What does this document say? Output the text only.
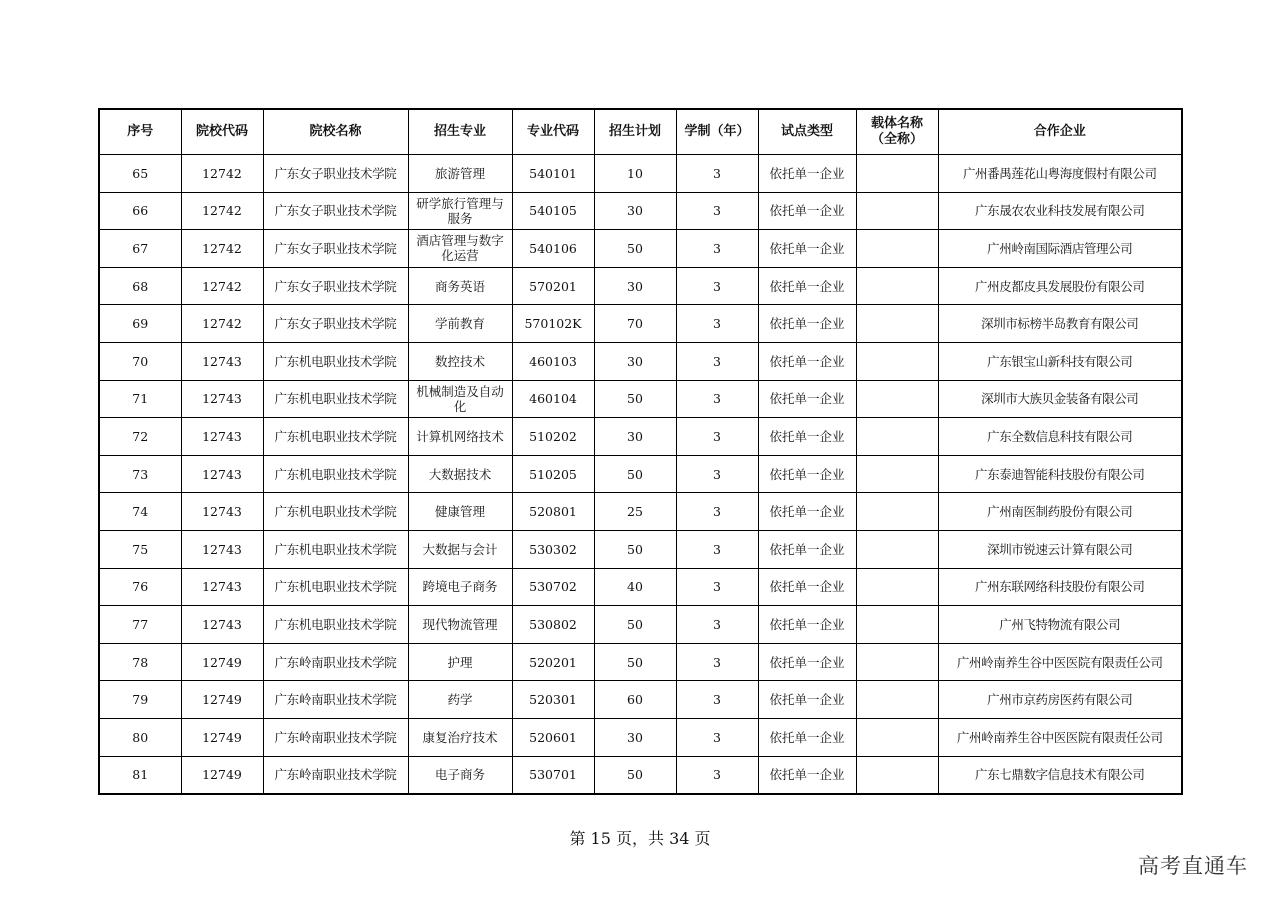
序号	院校代码	院校名称	招生专业	专业代码	招生计划	学制（年）	试点类型	载体名称（全称）	合作企业
65	12742	广东女子职业技术学院	旅游管理	540101	10	3	依托单一企业		广州番禺莲花山粤海度假村有限公司
66	12742	广东女子职业技术学院	研学旅行管理与服务	540105	30	3	依托单一企业		广东晟农农业科技发展有限公司
67	12742	广东女子职业技术学院	酒店管理与数字化运营	540106	50	3	依托单一企业		广州岭南国际酒店管理公司
68	12742	广东女子职业技术学院	商务英语	570201	30	3	依托单一企业		广州皮都皮具发展股份有限公司
69	12742	广东女子职业技术学院	学前教育	570102K	70	3	依托单一企业		深圳市标榜半岛教育有限公司
70	12743	广东机电职业技术学院	数控技术	460103	30	3	依托单一企业		广东银宝山新科技有限公司
71	12743	广东机电职业技术学院	机械制造及自动化	460104	50	3	依托单一企业		深圳市大族贝金装备有限公司
72	12743	广东机电职业技术学院	计算机网络技术	510202	30	3	依托单一企业		广东全数信息科技有限公司
73	12743	广东机电职业技术学院	大数据技术	510205	50	3	依托单一企业		广东泰迪智能科技股份有限公司
74	12743	广东机电职业技术学院	健康管理	520801	25	3	依托单一企业		广州南医制药股份有限公司
75	12743	广东机电职业技术学院	大数据与会计	530302	50	3	依托单一企业		深圳市锐速云计算有限公司
76	12743	广东机电职业技术学院	跨境电子商务	530702	40	3	依托单一企业		广州东联网络科技股份有限公司
77	12743	广东机电职业技术学院	现代物流管理	530802	50	3	依托单一企业		广州飞特物流有限公司
78	12749	广东岭南职业技术学院	护理	520201	50	3	依托单一企业		广州岭南养生谷中医医院有限责任公司
79	12749	广东岭南职业技术学院	药学	520301	60	3	依托单一企业		广州市京药房医药有限公司
80	12749	广东岭南职业技术学院	康复治疗技术	520601	30	3	依托单一企业		广州岭南养生谷中医医院有限责任公司
81	12749	广东岭南职业技术学院	电子商务	530701	50	3	依托单一企业		广东七鼎数字信息技术有限公司
第 15 页，共 34 页
高考直通车
